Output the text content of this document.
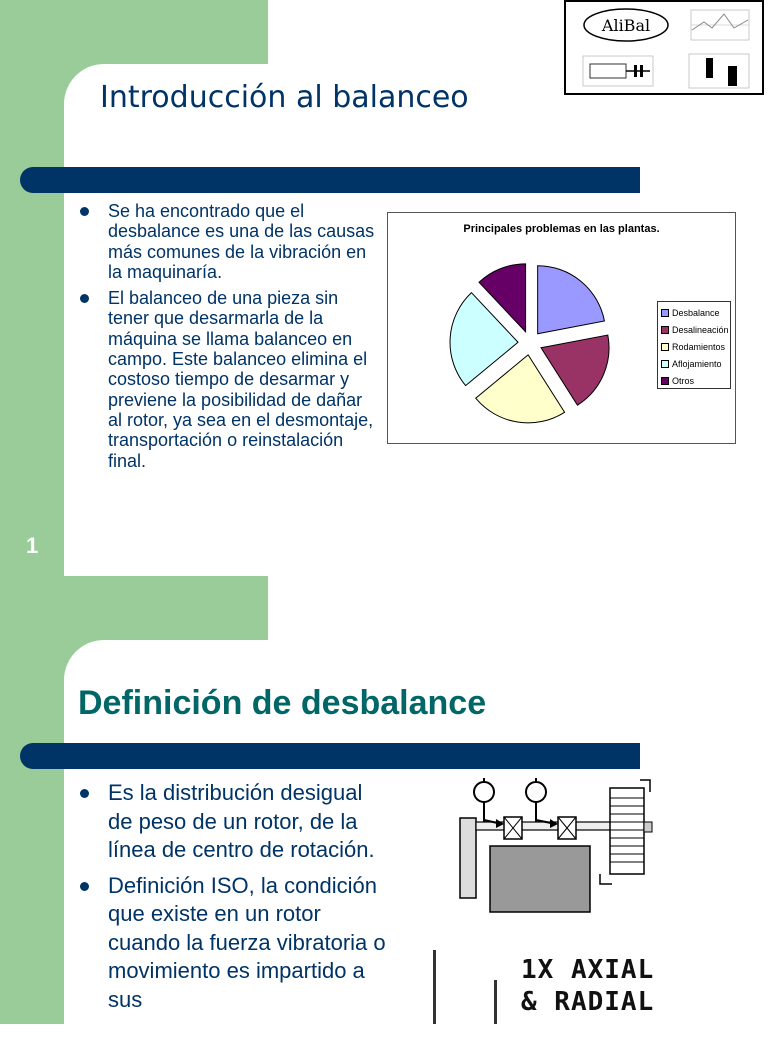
Introducción al balanceo
AliBal
Se ha encontrado que el desbalance es una de las causas más comunes de la vibración en la maquinaría.
El balanceo de una pieza sin tener que desarmarla de la máquina se llama balanceo en campo. Este balanceo elimina el costoso tiempo de desarmar y previene la posibilidad de dañar al rotor, ya sea en el desmontaje, transportación o reinstalación final.
Principales problemas en las plantas.
Desbalance
Desalineación
Rodamientos
Aflojamiento
Otros
1
Definición de desbalance
Es la distribución desigual de peso de un rotor, de la línea de centro de rotación.
Definición ISO, la condición que existe en un rotor cuando la fuerza vibratoria o movimiento es impartido a sus
1X AXIAL
& RADIAL
